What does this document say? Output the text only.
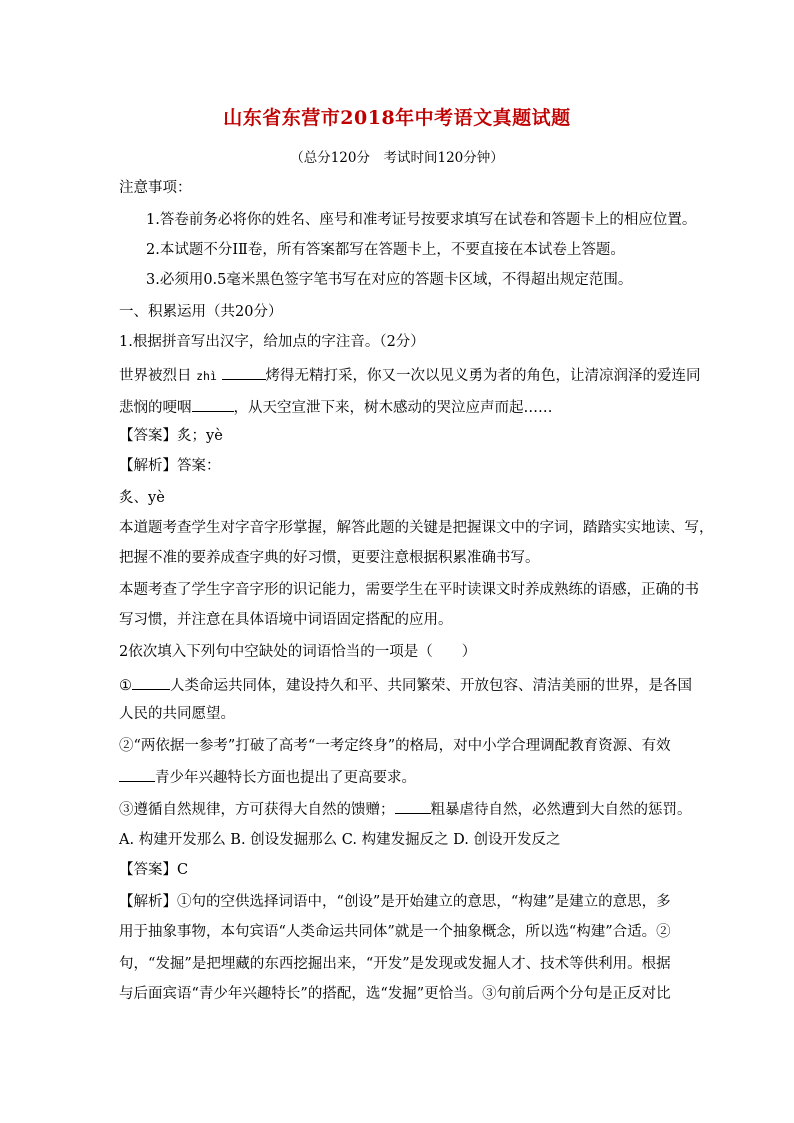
山东省东营市2018年中考语文真题试题
（总分120分　考试时间120分钟）
注意事项：
1.答卷前务必将你的姓名、座号和准考证号按要求填写在试卷和答题卡上的相应位置。
2.本试题不分ⅠⅡ卷，所有答案都写在答题卡上，不要直接在本试卷上答题。
3.必须用0.5毫米黑色签字笔书写在对应的答题卡区域，不得超出规定范围。
一、积累运用（共20分）
1.根据拼音写出汉字，给加点的字注音。（2分）
世界被烈日 zhì	烤得无精打采，你又一次以见义勇为者的角色，让清凉润泽的爱连同
悲悯的哽咽	，从天空宣泄下来，树木感动的哭泣应声而起……
【答案】炙；yè
【解析】答案：
炙、yè
本道题考查学生对字音字形掌握，解答此题的关键是把握课文中的字词，踏踏实实地读、写，
把握不准的要养成查字典的好习惯，更要注意根据积累准确书写。
本题考查了学生字音字形的识记能力，需要学生在平时读课文时养成熟练的语感，正确的书
写习惯，并注意在具体语境中词语固定搭配的应用。
2依次填入下列句中空缺处的词语恰当的一项是（　　）
①	人类命运共同体，建设持久和平、共同繁荣、开放包容、清洁美丽的世界，是各国
人民的共同愿望。
②“两依据一参考”打破了高考“一考定终身”的格局，对中小学合理调配教育资源、有效
青少年兴趣特长方面也提出了更高要求。
③遵循自然规律，方可获得大自然的馈赠； 粗暴虐待自然，必然遭到大自然的惩罚。
A. 构建开发那么 B. 创设发掘那么 C. 构建发掘反之 D. 创设开发反之
【答案】C
【解析】①句的空供选择词语中，“创设”是开始建立的意思，“构建”是建立的意思，多
用于抽象事物，本句宾语“人类命运共同体”就是一个抽象概念，所以选“构建”合适。②
句，“发掘”是把埋藏的东西挖掘出来，“开发”是发现或发掘人才、技术等供利用。根据
与后面宾语“青少年兴趣特长”的搭配，选“发掘”更恰当。③句前后两个分句是正反对比
